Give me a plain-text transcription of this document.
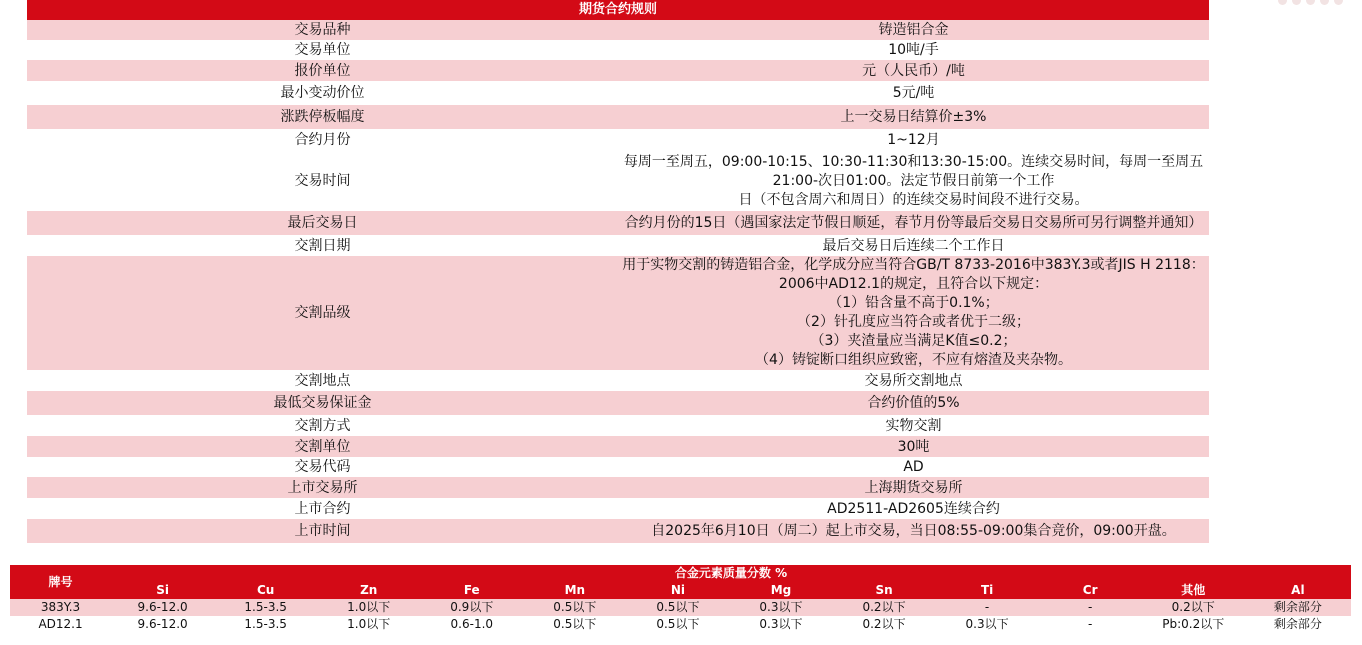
期货合约规则	
交易品种	铸造铝合金
交易单位	10吨/手
报价单位	元（人民币）/吨
最小变动价位	5元/吨
涨跌停板幅度	上一交易日结算价±3%
合约月份	1~12月
交易时间	每周一至周五，09:00-10:15、10:30-11:30和13:30-15:00。连续交易时间，每周一至周五21:00-次日01:00。法定节假日前第一个工作
日（不包含周六和周日）的连续交易时间段不进行交易。

最后交易日	合约月份的15日（遇国家法定节假日顺延，春节月份等最后交易日交易所可另行调整并通知）
交割日期	最后交易日后连续二个工作日
交割品级	用于实物交割的铸造铝合金，化学成分应当符合GB/T 8733-2016中383Y.3或者JIS H 2118：2006中AD12.1的规定，且符合以下规定：
（1）铅含量不高于0.1%；
（2）针孔度应当符合或者优于二级；
（3）夹渣量应当满足K值≤0.2；
（4）铸锭断口组织应致密，不应有熔渣及夹杂物。

交割地点	交易所交割地点
最低交易保证金	合约价值的5%
交割方式	实物交割
交割单位	30吨
交易代码	AD
上市交易所	上海期货交易所
上市合约	AD2511-AD2605连续合约
上市时间	自2025年6月10日（周二）起上市交易，当日08:55-09:00集合竞价，09:00开盘。
牌号	合金元素质量分数 %											
	Si	Cu	Zn	Fe	Mn	Ni	Mg	Sn	Ti	Cr	其他	Al
383Y.3	9.6-12.0	1.5-3.5	1.0以下	0.9以下	0.5以下	0.5以下	0.3以下	0.2以下	-	-	0.2以下	剩余部分
AD12.1	9.6-12.0	1.5-3.5	1.0以下	0.6-1.0	0.5以下	0.5以下	0.3以下	0.2以下	0.3以下	-	Pb:0.2以下	剩余部分
